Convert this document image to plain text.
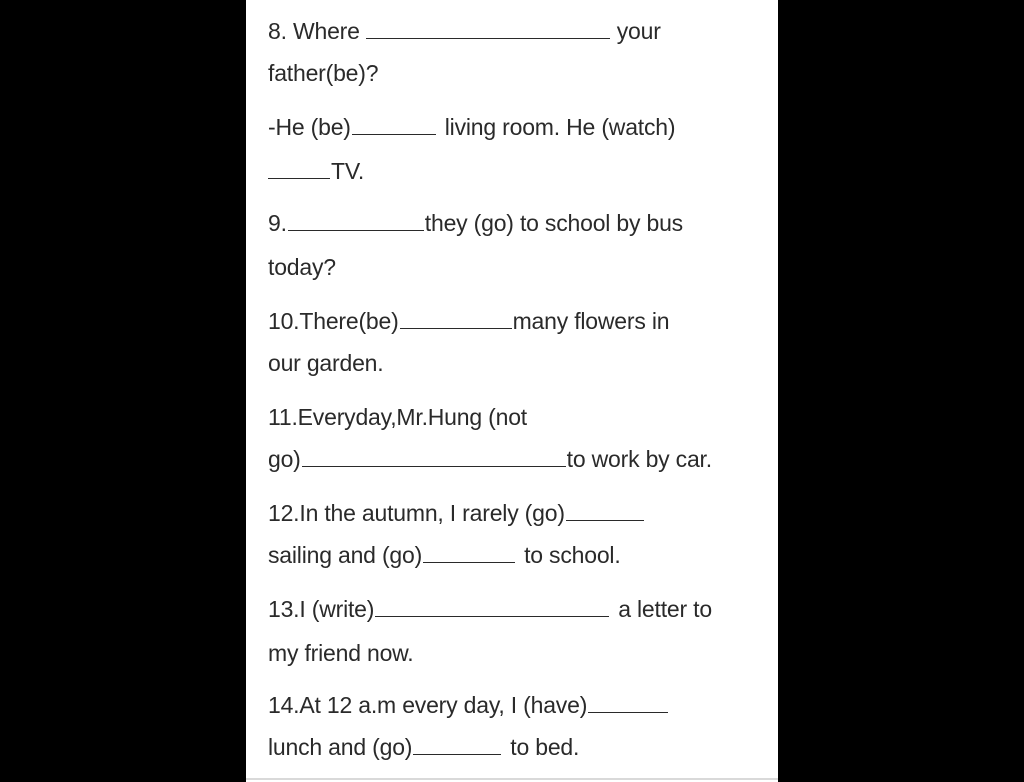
8. Where	your
father(be)?
-He (be)	living room. He (watch)
TV.
9.	they (go) to school by bus
today?
10.There(be)	many flowers in
our garden.
11.Everyday,Mr.Hung (not
go)	to work by car.
12.In the autumn, I rarely (go)
sailing and (go)	to school.
13.I (write)	a letter to
my friend now.
14.At 12 a.m every day, I (have)
lunch and (go)	to bed.
